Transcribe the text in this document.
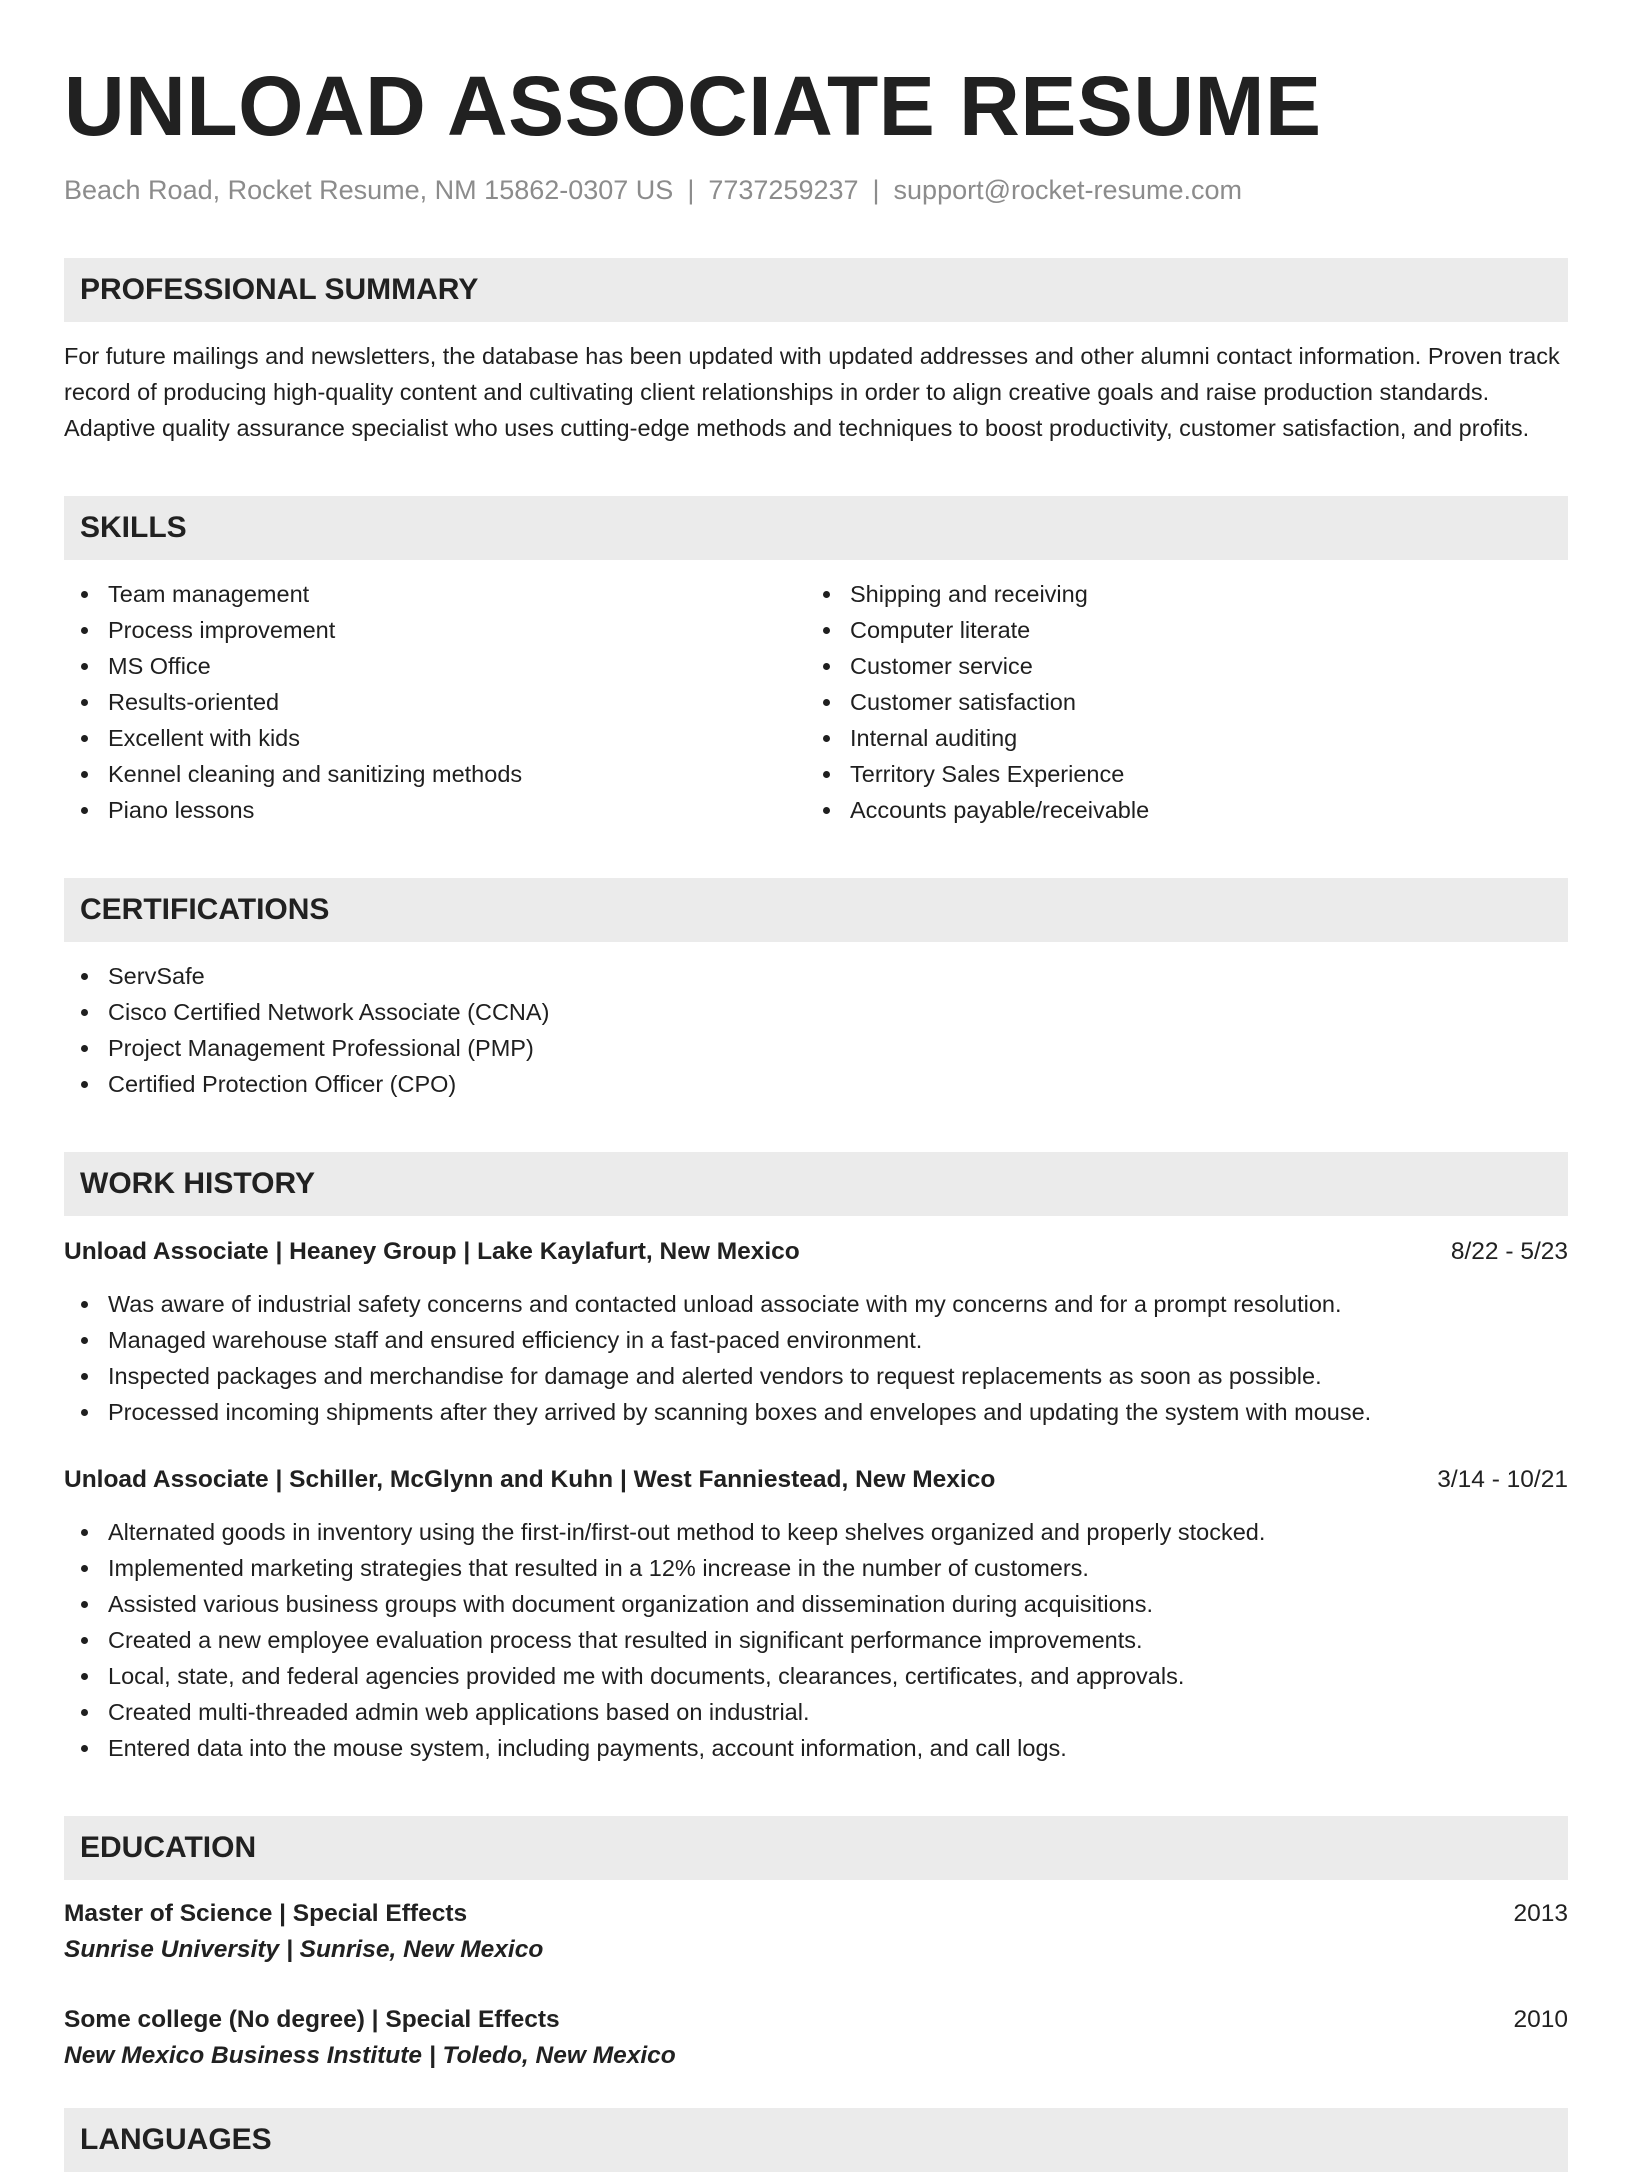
UNLOAD ASSOCIATE RESUME
Beach Road, Rocket Resume, NM 15862-0307 US | 7737259237 | support@rocket-resume.com
PROFESSIONAL SUMMARY
For future mailings and newsletters, the database has been updated with updated addresses and other alumni contact information. Proven track record of producing high-quality content and cultivating client relationships in order to align creative goals and raise production standards. Adaptive quality assurance specialist who uses cutting-edge methods and techniques to boost productivity, customer satisfaction, and profits.
SKILLS
Team management
Process improvement
MS Office
Results-oriented
Excellent with kids
Kennel cleaning and sanitizing methods
Piano lessons
Shipping and receiving
Computer literate
Customer service
Customer satisfaction
Internal auditing
Territory Sales Experience
Accounts payable/receivable
CERTIFICATIONS
ServSafe
Cisco Certified Network Associate (CCNA)
Project Management Professional (PMP)
Certified Protection Officer (CPO)
WORK HISTORY
Unload Associate | Heaney Group | Lake Kaylafurt, New Mexico	8/22 - 5/23
Was aware of industrial safety concerns and contacted unload associate with my concerns and for a prompt resolution.
Managed warehouse staff and ensured efficiency in a fast-paced environment.
Inspected packages and merchandise for damage and alerted vendors to request replacements as soon as possible.
Processed incoming shipments after they arrived by scanning boxes and envelopes and updating the system with mouse.
Unload Associate | Schiller, McGlynn and Kuhn | West Fanniestead, New Mexico	3/14 - 10/21
Alternated goods in inventory using the first-in/first-out method to keep shelves organized and properly stocked.
Implemented marketing strategies that resulted in a 12% increase in the number of customers.
Assisted various business groups with document organization and dissemination during acquisitions.
Created a new employee evaluation process that resulted in significant performance improvements.
Local, state, and federal agencies provided me with documents, clearances, certificates, and approvals.
Created multi-threaded admin web applications based on industrial.
Entered data into the mouse system, including payments, account information, and call logs.
EDUCATION
Master of Science | Special Effects	2013
Sunrise University | Sunrise, New Mexico
Some college (No degree) | Special Effects	2010
New Mexico Business Institute | Toledo, New Mexico
LANGUAGES
